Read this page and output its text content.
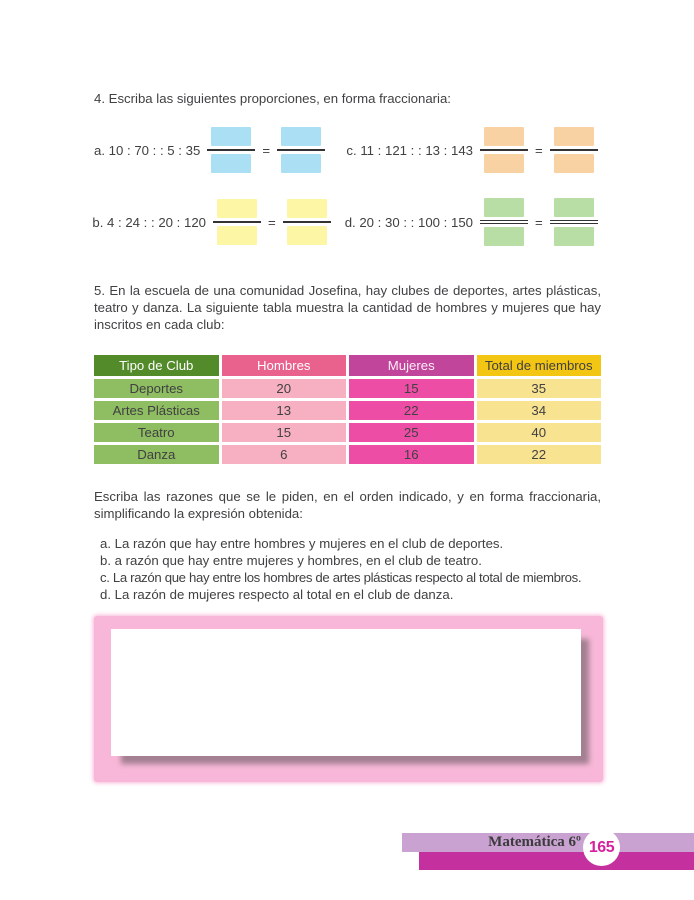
4. Escriba las siguientes proporciones, en forma fraccionaria:

a. 10 : 70 : : 5 : 35	=	c. 11 : 121 : : 13 : 143	=
b. 4 : 24 : : 20 : 120	=	d. 20 : 30 : : 100 : 150	=

5. En la escuela de una comunidad Josefina, hay clubes de deportes, artes plásticas, teatro y danza. La siguiente tabla muestra la cantidad de hombres y mujeres que hay inscritos en cada club:

Tipo de Club	Hombres	Mujeres	Total de miembros
Deportes	20	15	35
Artes Plásticas	13	22	34
Teatro	15	25	40
Danza	6	16	22

Escriba las razones que se le piden, en el orden indicado, y en forma fraccionaria, simplificando la expresión obtenida:

a. La razón que hay entre hombres y mujeres en el club de deportes.
b. a razón que hay entre mujeres y hombres, en el club de teatro.
c. La razón que hay entre los hombres de artes plásticas respecto al total de miembros.
d. La razón de mujeres respecto al total en el club de danza.
Matemática 6º 165
